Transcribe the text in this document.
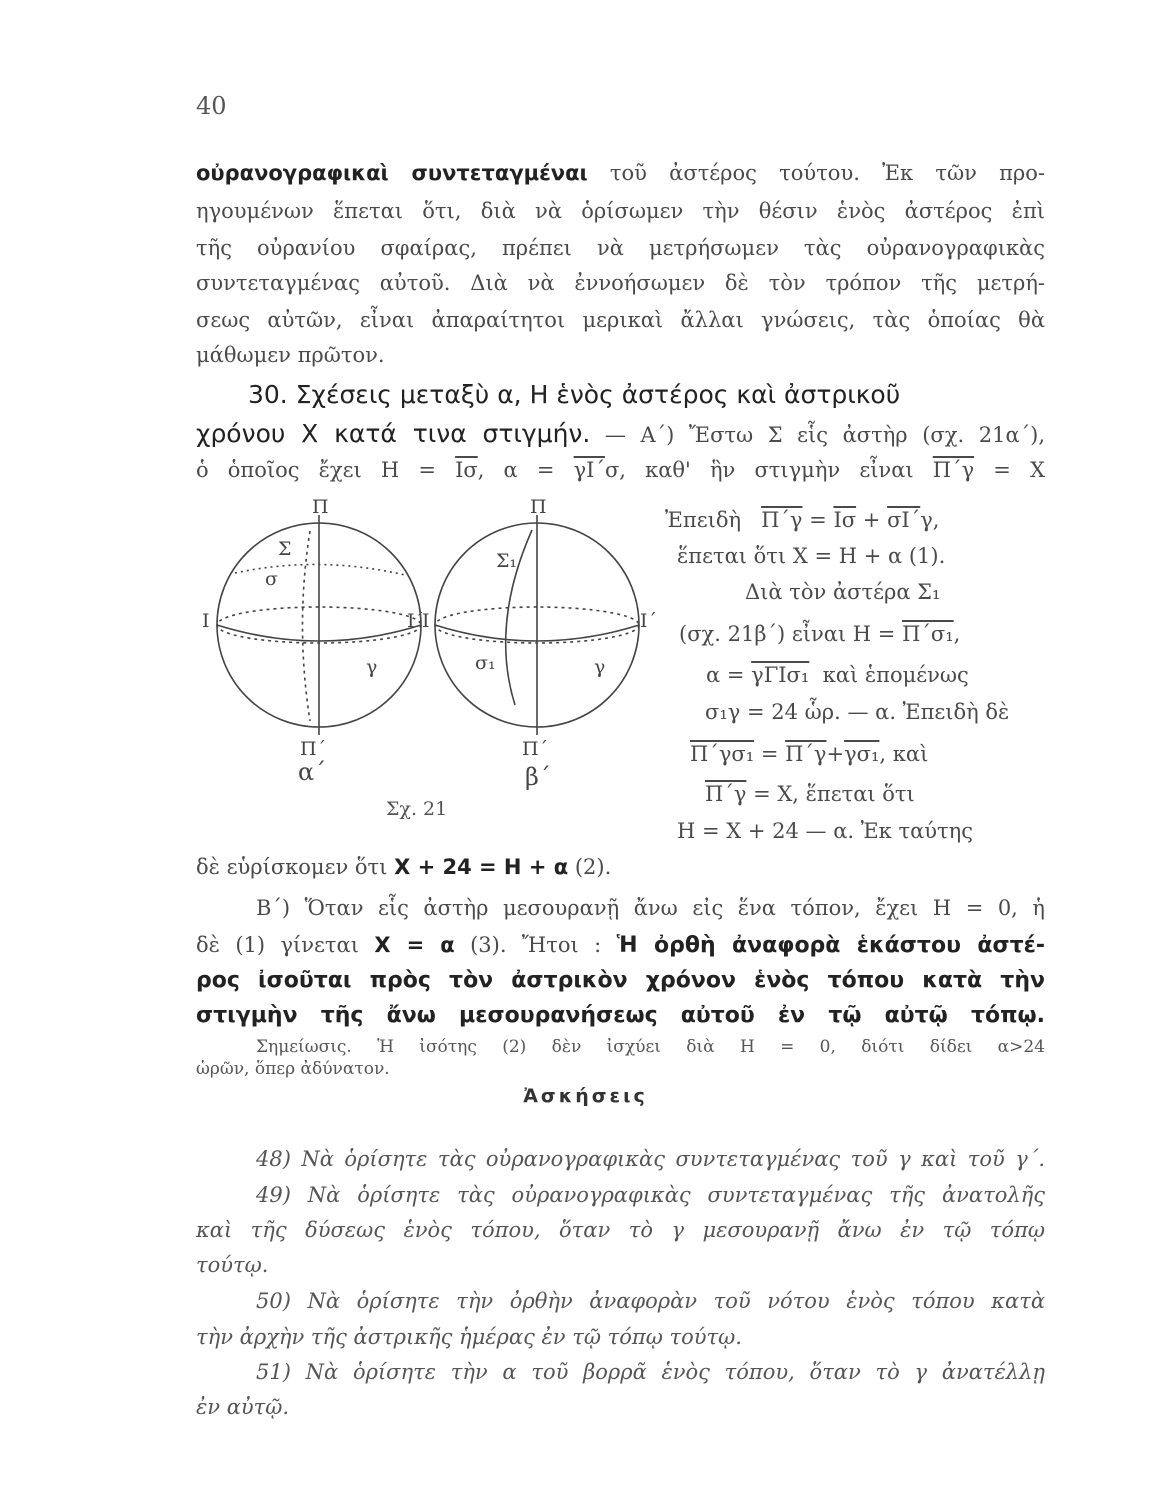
40
οὐρανογραφικαὶ συντεταγμέναι τοῦ ἀστέρος τούτου. Ἐκ τῶν προ-
ηγουμένων ἕπεται ὅτι, διὰ νὰ ὁρίσωμεν τὴν θέσιν ἑνὸς ἀστέρος ἐπὶ
τῆς οὐρανίου σφαίρας, πρέπει νὰ μετρήσωμεν τὰς οὐρανογραφικὰς
συντεταγμένας αὐτοῦ. Διὰ νὰ ἐννοήσωμεν δὲ τὸν τρόπον τῆς μετρή-
σεως αὐτῶν, εἶναι ἀπαραίτητοι μερικαὶ ἄλλαι γνώσεις, τὰς ὁποίας θὰ
μάθωμεν πρῶτον.
30. Σχέσεις μεταξὺ α, Η ἑνὸς ἀστέρος καὶ ἀστρικοῦ
χρόνου Χ κατά τινα στιγμήν. — Α΄) Ἔστω Σ εἷς ἀστὴρ (σχ. 21α΄),
ὁ ὁποῖος ἔχει $H = \overline{I\sigma}$, $\alpha = \overline{\gamma I΄}\sigma$, καθ' ἣν στιγμὴν εἶναι $\overline{\Pi΄\gamma} = X$
Ἐπειδὴ $\overline{\Pi΄\gamma} = \overline{I\sigma} + \overline{\sigma I΄}\gamma$,
ἕπεται ὅτι Χ = Η + α (1).
Διὰ τὸν ἀστέρα Σ₁
(σχ. 21β΄) εἶναι Η = Π΄σ₁,
α = γΓΙσ₁ καὶ ἑπομένως
σ₁γ = 24 ὧρ. — α. Ἐπειδὴ δὲ
$\Pi΄\gamma\sigma_1 = \overline{\Pi΄\gamma}+\gamma\sigma_1$, καὶ
$\overline{\Pi΄\gamma} = X$, ἕπεται ὅτι
Η = Χ + 24 — α. Ἐκ ταύτης
Π
Π΄
Ι	Ι΄
Σ
σ
γ
α΄
Π
Π΄
Ι	Ι΄
Σ₁
σ₁	γ
β΄
Σχ. 21
δὲ εὑρίσκομεν ὅτι Χ + 24 = Η + α (2).
Β΄) Ὅταν εἷς ἀστὴρ μεσουρανῇ ἄνω εἰς ἕνα τόπον, ἔχει Η = 0, ἡ
δὲ (1) γίνεται Χ = α (3). Ἤτοι : Ἡ ὀρθὴ ἀναφορὰ ἑκάστου ἀστέ-
ρος ἰσοῦται πρὸς τὸν ἀστρικὸν χρόνον ἑνὸς τόπου κατὰ τὴν
στιγμὴν τῆς ἄνω μεσουρανήσεως αὐτοῦ ἐν τῷ αὐτῷ τόπῳ.
Σημείωσις. Ἡ ἰσότης (2) δὲν ἰσχύει διὰ Η = 0, διότι δίδει α>24
ὡρῶν, ὅπερ ἀδύνατον.
Ἀσκήσεις
48) Νὰ ὁρίσητε τὰς οὐρανογραφικὰς συντεταγμένας τοῦ γ καὶ τοῦ γ΄.
49) Νὰ ὁρίσητε τὰς οὐρανογραφικὰς συντεταγμένας τῆς ἀνατολῆς
καὶ τῆς δύσεως ἑνὸς τόπου, ὅταν τὸ γ μεσουρανῇ ἄνω ἐν τῷ τόπῳ
τούτῳ.
50) Νὰ ὁρίσητε τὴν ὀρθὴν ἀναφορὰν τοῦ νότου ἑνὸς τόπου κατὰ
τὴν ἀρχὴν τῆς ἀστρικῆς ἡμέρας ἐν τῷ τόπῳ τούτῳ.
51) Νὰ ὁρίσητε τὴν α τοῦ βορρᾶ ἑνὸς τόπου, ὅταν τὸ γ ἀνατέλλῃ
ἐν αὐτῷ.
